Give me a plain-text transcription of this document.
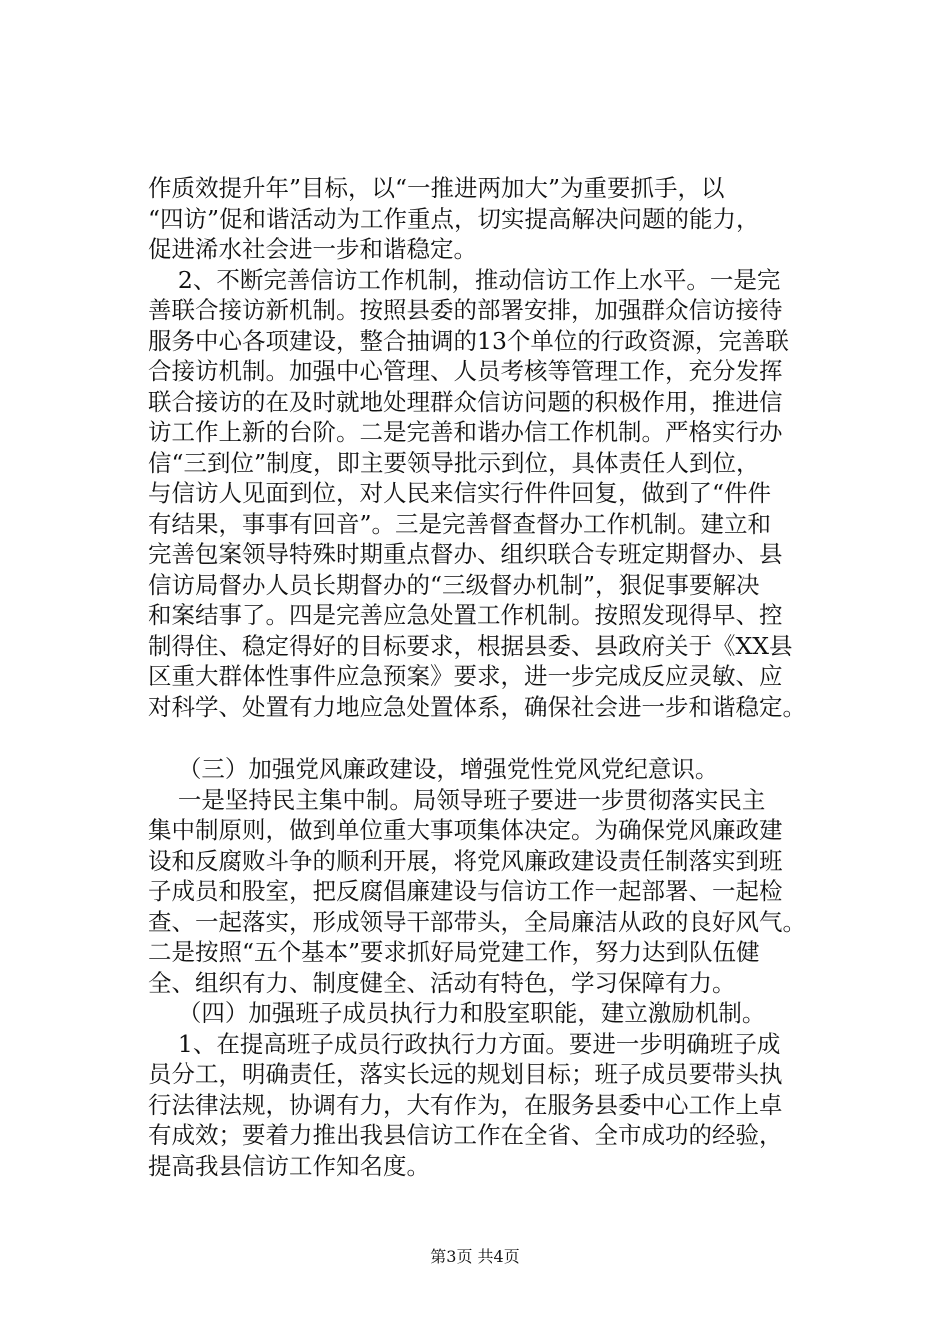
作质效提升年”目标，以“一推进两加大”为重要抓手，以
“四访”促和谐活动为工作重点，切实提高解决问题的能力，
促进浠水社会进一步和谐稳定。
2、不断完善信访工作机制，推动信访工作上水平。一是完
善联合接访新机制。按照县委的部署安排，加强群众信访接待
服务中心各项建设，整合抽调的13个单位的行政资源，完善联
合接访机制。加强中心管理、人员考核等管理工作，充分发挥
联合接访的在及时就地处理群众信访问题的积极作用，推进信
访工作上新的台阶。二是完善和谐办信工作机制。严格实行办
信“三到位”制度，即主要领导批示到位，具体责任人到位，
与信访人见面到位，对人民来信实行件件回复，做到了“件件
有结果，事事有回音”。三是完善督查督办工作机制。建立和
完善包案领导特殊时期重点督办、组织联合专班定期督办、县
信访局督办人员长期督办的“三级督办机制”，狠促事要解决
和案结事了。四是完善应急处置工作机制。按照发现得早、控
制得住、稳定得好的目标要求，根据县委、县政府关于《XX县
区重大群体性事件应急预案》要求，进一步完成反应灵敏、应
对科学、处置有力地应急处置体系，确保社会进一步和谐稳定。
（三）加强党风廉政建设，增强党性党风党纪意识。
一是坚持民主集中制。局领导班子要进一步贯彻落实民主
集中制原则，做到单位重大事项集体决定。为确保党风廉政建
设和反腐败斗争的顺利开展，将党风廉政建设责任制落实到班
子成员和股室，把反腐倡廉建设与信访工作一起部署、一起检
查、一起落实，形成领导干部带头，全局廉洁从政的良好风气。
二是按照“五个基本”要求抓好局党建工作，努力达到队伍健
全、组织有力、制度健全、活动有特色，学习保障有力。
（四）加强班子成员执行力和股室职能，建立激励机制。
1、在提高班子成员行政执行力方面。要进一步明确班子成
员分工，明确责任，落实长远的规划目标；班子成员要带头执
行法律法规，协调有力，大有作为，在服务县委中心工作上卓
有成效；要着力推出我县信访工作在全省、全市成功的经验，
提高我县信访工作知名度。
第3页 共4页
